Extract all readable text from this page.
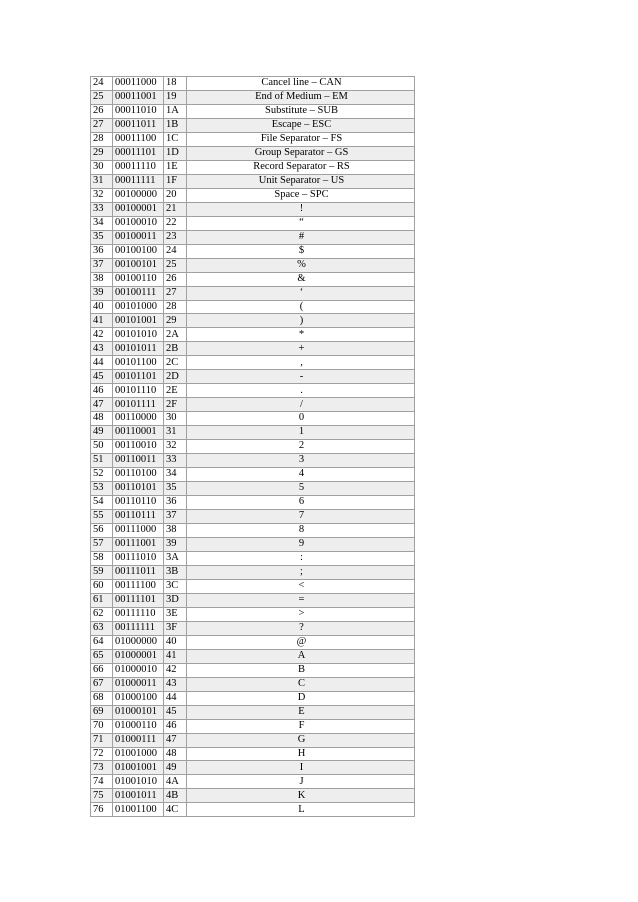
24	00011000	18	Cancel line – CAN
25	00011001	19	End of Medium – EM
26	00011010	1A	Substitute – SUB
27	00011011	1B	Escape – ESC
28	00011100	1C	File Separator – FS
29	00011101	1D	Group Separator – GS
30	00011110	1E	Record Separator – RS
31	00011111	1F	Unit Separator – US
32	00100000	20	Space – SPC
33	00100001	21	!
34	00100010	22	“
35	00100011	23	#
36	00100100	24	$
37	00100101	25	%
38	00100110	26	&
39	00100111	27	‘
40	00101000	28	(
41	00101001	29	)
42	00101010	2A	*
43	00101011	2B	+
44	00101100	2C	,
45	00101101	2D	-
46	00101110	2E	.
47	00101111	2F	/
48	00110000	30	0
49	00110001	31	1
50	00110010	32	2
51	00110011	33	3
52	00110100	34	4
53	00110101	35	5
54	00110110	36	6
55	00110111	37	7
56	00111000	38	8
57	00111001	39	9
58	00111010	3A	:
59	00111011	3B	;
60	00111100	3C	<
61	00111101	3D	=
62	00111110	3E	>
63	00111111	3F	?
64	01000000	40	@
65	01000001	41	A
66	01000010	42	B
67	01000011	43	C
68	01000100	44	D
69	01000101	45	E
70	01000110	46	F
71	01000111	47	G
72	01001000	48	H
73	01001001	49	I
74	01001010	4A	J
75	01001011	4B	K
76	01001100	4C	L
